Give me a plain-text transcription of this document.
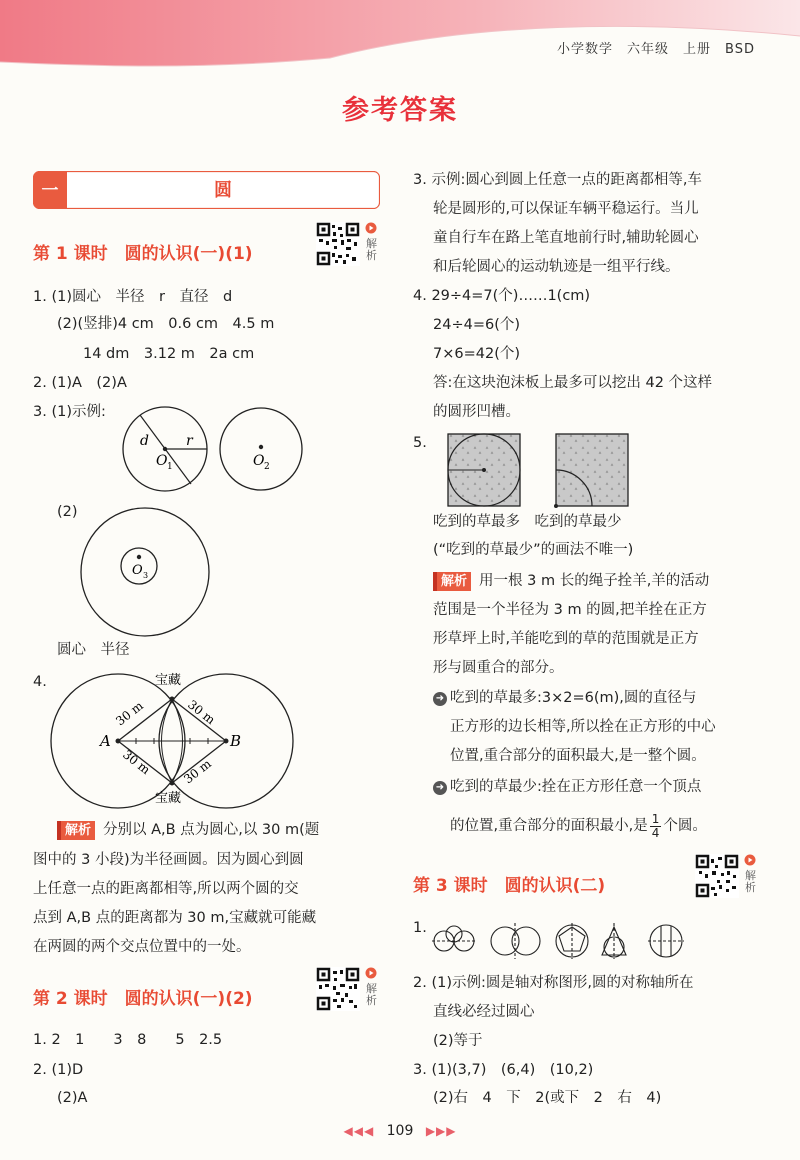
小学数学　六年级　上册　BSD
参考答案
一	圆
第 1 课时　圆的认识(一)(1)
解析
1. (1)圆心　半径　r　直径　d
(2)(竖排)4 cm　0.6 cm　4.5 m
14 dm　3.12 m　2a cm
2. (1)A　(2)A
3. (1)示例:
d	r
O 1	O 2
(2)
O 3
圆心　半径
4.	宝藏
宝藏
A	B
30 m	30 m
30 m 30 m
解析 分别以 A,B 点为圆心,以 30 m(题
图中的 3 小段)为半径画圆。因为圆心到圆
上任意一点的距离都相等,所以两个圆的交
点到 A,B 点的距离都为 30 m,宝藏就可能藏
在两圆的两个交点位置中的一处。
第 2 课时　圆的认识(一)(2)
解析
1. 2　1　　3　8　　5　2.5
2. (1)D
(2)A
3. 示例:圆心到圆上任意一点的距离都相等,车
轮是圆形的,可以保证车辆平稳运行。当儿
童自行车在路上笔直地前行时,辅助轮圆心
和后轮圆心的运动轨迹是一组平行线。
4. 29÷4=7(个)……1(cm)
24÷4=6(个)
7×6=42(个)
答:在这块泡沫板上最多可以挖出 42 个这样
的圆形凹槽。
5.
吃到的草最多　吃到的草最少
(“吃到的草最少”的画法不唯一)
解析 用一根 3 m 长的绳子拴羊,羊的活动
范围是一个半径为 3 m 的圆,把羊拴在正方
形草坪上时,羊能吃到的草的范围就是正方
形与圆重合的部分。
➜ 吃到的草最多:3×2=6(m),圆的直径与
正方形的边长相等,所以拴在正方形的中心
位置,重合部分的面积最大,是一整个圆。
➜ 吃到的草最少:拴在正方形任意一个顶点
的位置,重合部分的面积最小,是 $\frac{1}{4}$ 个圆。
第 3 课时　圆的认识(二)
解析
1.
2. (1)示例:圆是轴对称图形,圆的对称轴所在
直线必经过圆心
(2)等于
3. (1)(3,7)　(6,4)　(10,2)
(2)右　4　下　2(或下　2　右　4)
◀◀◀ 109 ▶▶▶
